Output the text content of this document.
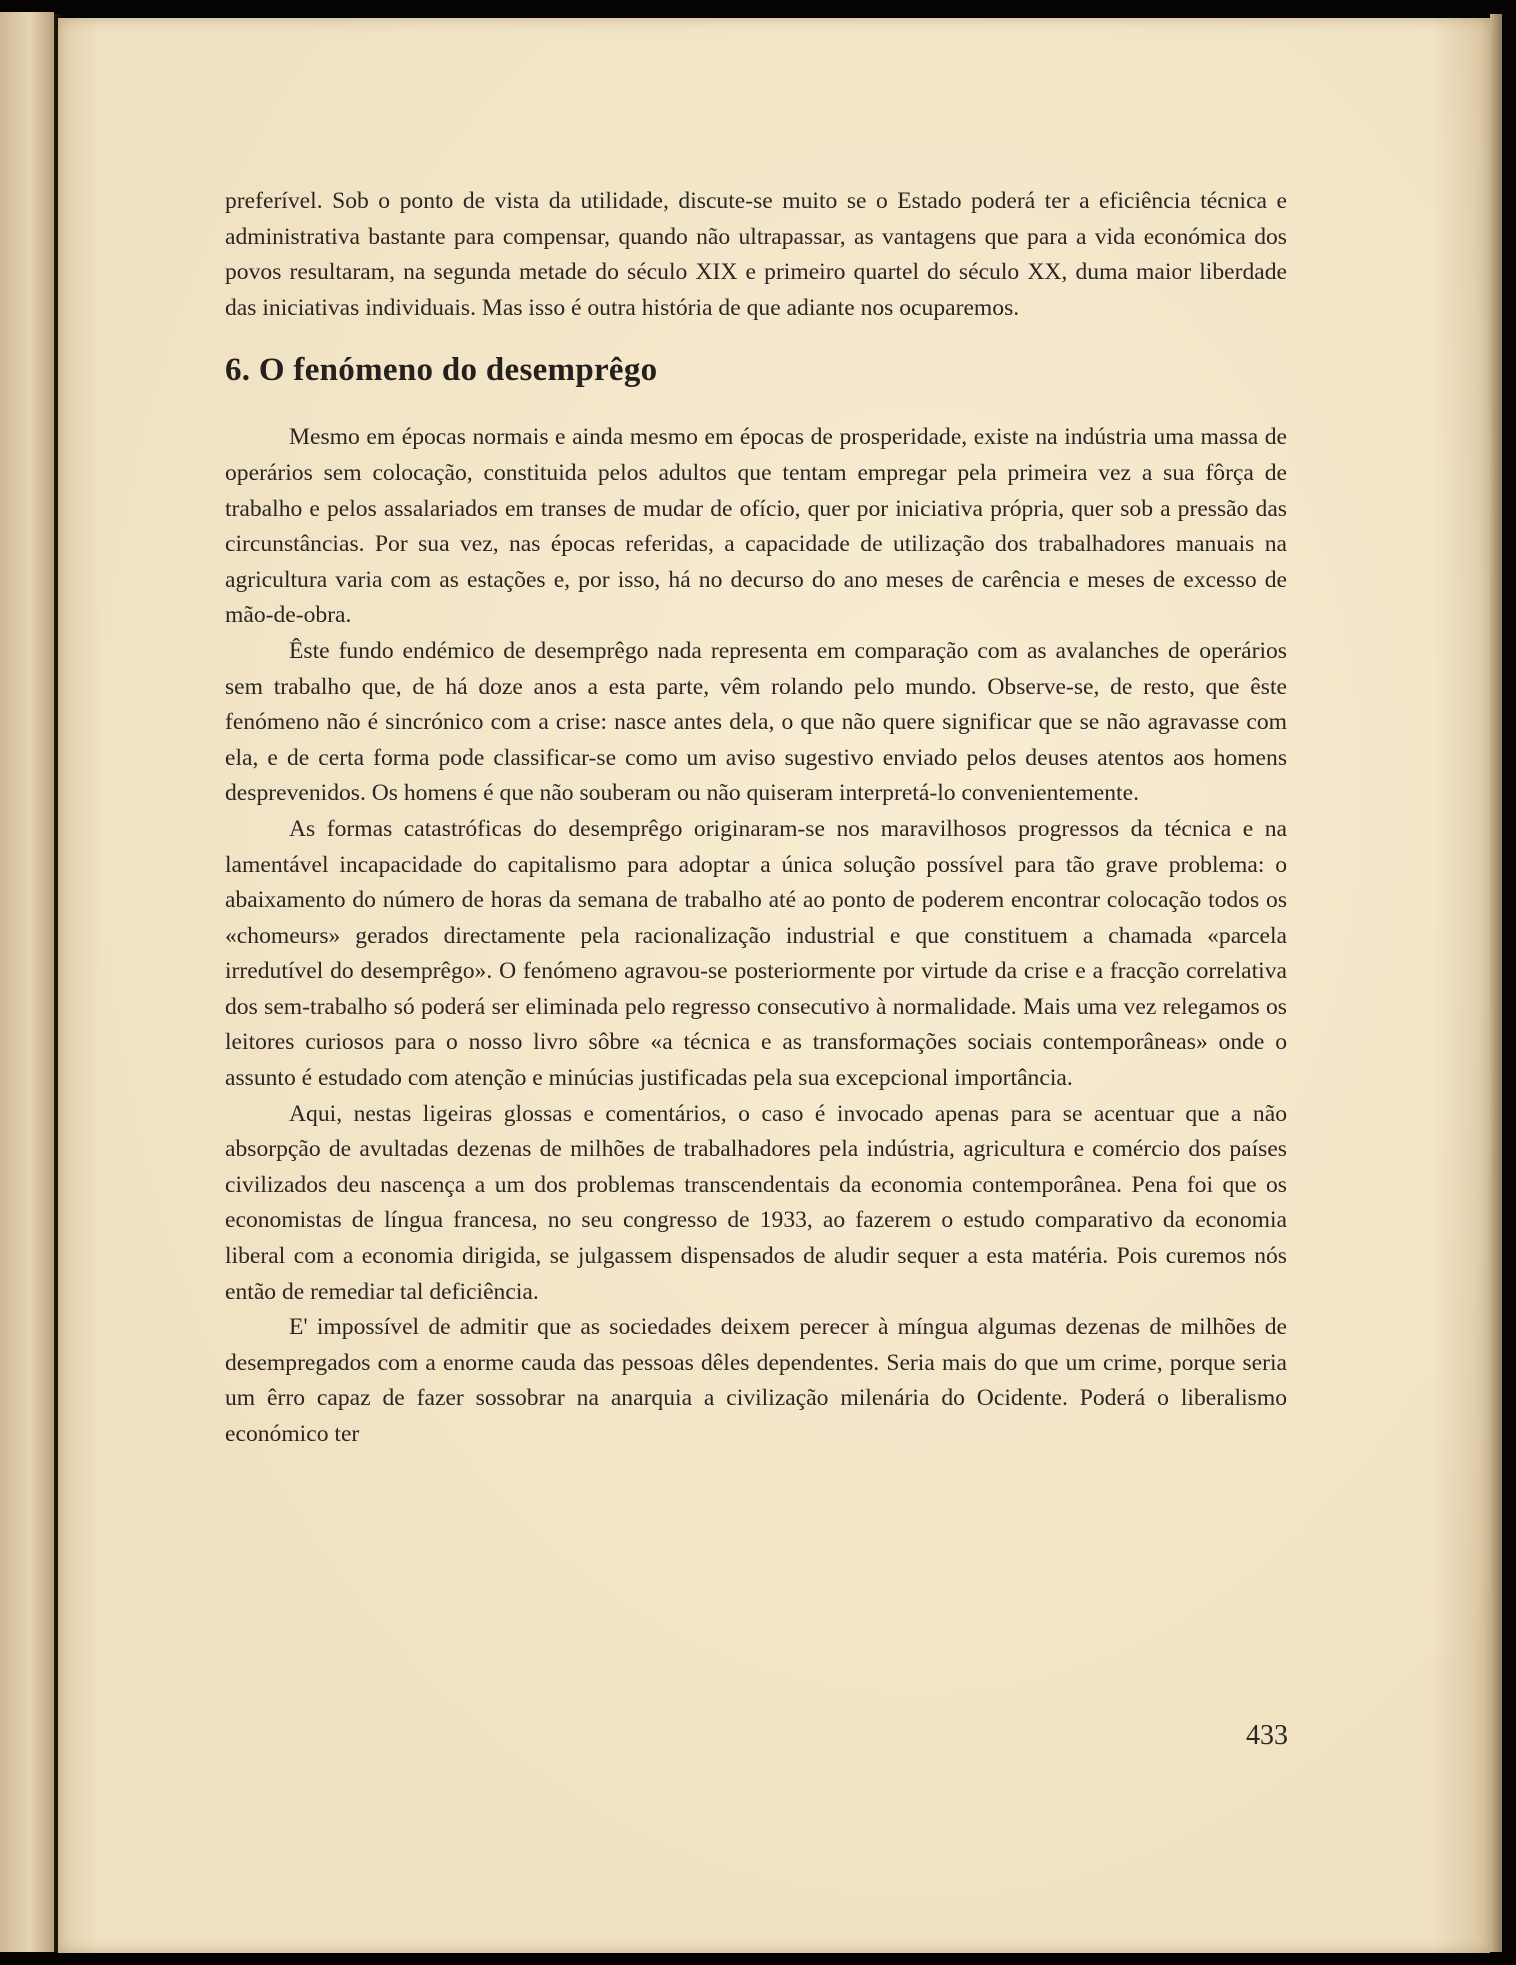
preferível. Sob o ponto de vista da utilidade, discute-se muito se o Estado poderá ter a eficiência técnica e administrativa bastante para compensar, quando não ultrapassar, as vantagens que para a vida económica dos povos resultaram, na segunda metade do século XIX e primeiro quartel do século XX, duma maior liberdade das iniciativas individuais. Mas isso é outra história de que adiante nos ocuparemos.

6. O fenómeno do desemprêgo

Mesmo em épocas normais e ainda mesmo em épocas de prosperidade, existe na indústria uma massa de operários sem colocação, constituida pelos adultos que tentam empregar pela primeira vez a sua fôrça de trabalho e pelos assalariados em transes de mudar de ofício, quer por iniciativa própria, quer sob a pressão das circunstâncias. Por sua vez, nas épocas referidas, a capacidade de utilização dos trabalhadores manuais na agricultura varia com as estações e, por isso, há no decurso do ano meses de carência e meses de excesso de mão-de-obra.

Êste fundo endémico de desemprêgo nada representa em comparação com as avalanches de operários sem trabalho que, de há doze anos a esta parte, vêm rolando pelo mundo. Observe-se, de resto, que êste fenómeno não é sincrónico com a crise: nasce antes dela, o que não quere significar que se não agravasse com ela, e de certa forma pode classificar-se como um aviso sugestivo enviado pelos deuses atentos aos homens desprevenidos. Os homens é que não souberam ou não quiseram interpretá-lo convenientemente.

As formas catastróficas do desemprêgo originaram-se nos maravilhosos progressos da técnica e na lamentável incapacidade do capitalismo para adoptar a única solução possível para tão grave problema: o abaixamento do número de horas da semana de trabalho até ao ponto de poderem encontrar colocação todos os «chomeurs» gerados directamente pela racionalização industrial e que constituem a chamada «parcela irredutível do desemprêgo». O fenómeno agravou-se posteriormente por virtude da crise e a fracção correlativa dos sem-trabalho só poderá ser eliminada pelo regresso consecutivo à normalidade. Mais uma vez relegamos os leitores curiosos para o nosso livro sôbre «a técnica e as transformações sociais contemporâneas» onde o assunto é estudado com atenção e minúcias justificadas pela sua excepcional importância.

Aqui, nestas ligeiras glossas e comentários, o caso é invocado apenas para se acentuar que a não absorpção de avultadas dezenas de milhões de trabalhadores pela indústria, agricultura e comércio dos países civilizados deu nascença a um dos problemas transcendentais da economia contemporânea. Pena foi que os economistas de língua francesa, no seu congresso de 1933, ao fazerem o estudo comparativo da economia liberal com a economia dirigida, se julgassem dispensados de aludir sequer a esta matéria. Pois curemos nós então de remediar tal deficiência.

E' impossível de admitir que as sociedades deixem perecer à míngua algumas dezenas de milhões de desempregados com a enorme cauda das pessoas dêles dependentes. Seria mais do que um crime, porque seria um êrro capaz de fazer sossobrar na anarquia a civilização milenária do Ocidente. Poderá o liberalismo económico ter

433
